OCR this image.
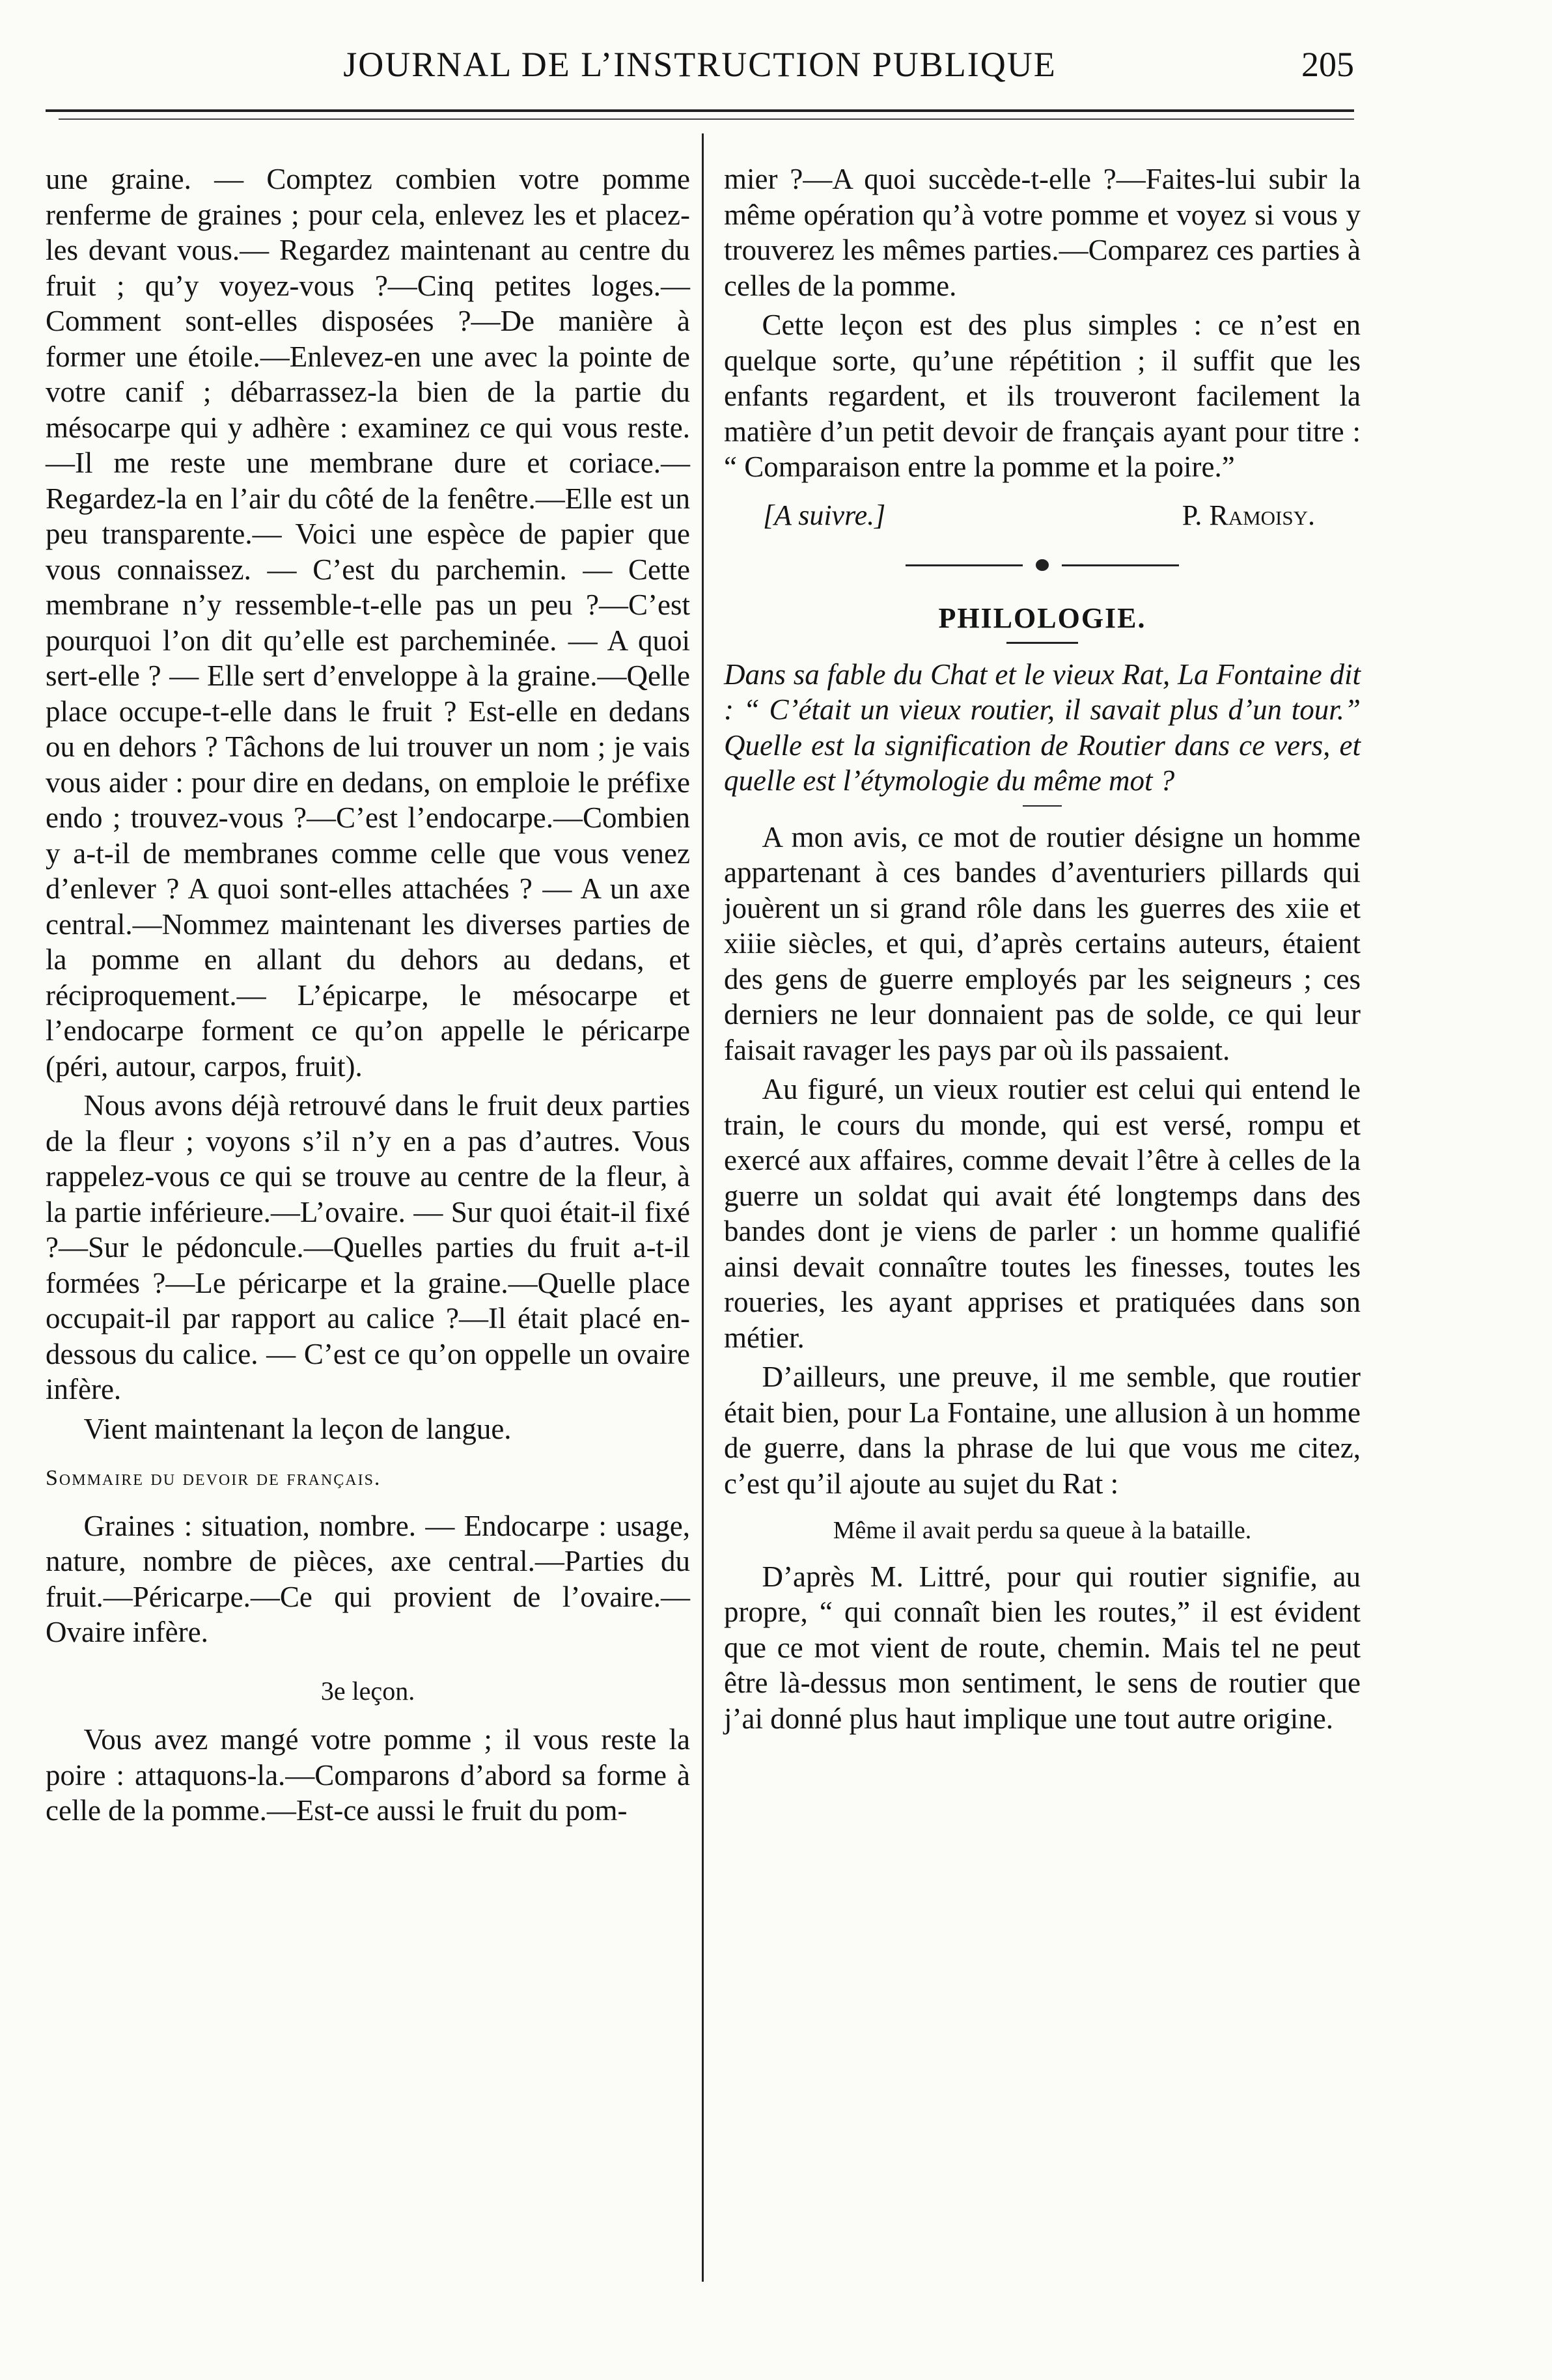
JOURNAL DE L’INSTRUCTION PUBLIQUE	205

une graine. — Comptez combien votre pomme renferme de graines ; pour cela, enlevez les et placez-les devant vous.— Regardez maintenant au centre du fruit ; qu’y voyez-vous ?—Cinq petites loges.— Comment sont-elles disposées ?—De manière à former une étoile.—Enlevez-en une avec la pointe de votre canif ; débarrassez-la bien de la partie du mésocarpe qui y adhère : examinez ce qui vous reste. —Il me reste une membrane dure et coriace.—Regardez-la en l’air du côté de la fenêtre.—Elle est un peu transparente.— Voici une espèce de papier que vous connaissez. — C’est du parchemin. — Cette membrane n’y ressemble-t-elle pas un peu ?—C’est pourquoi l’on dit qu’elle est parcheminée. — A quoi sert-elle ? — Elle sert d’enveloppe à la graine.—Qelle place occupe-t-elle dans le fruit ? Est-elle en dedans ou en dehors ? Tâchons de lui trouver un nom ; je vais vous aider : pour dire en dedans, on emploie le préfixe endo ; trouvez-vous ?—C’est l’endocarpe.—Combien y a-t-il de membranes comme celle que vous venez d’enlever ? A quoi sont-elles attachées ? — A un axe central.—Nommez maintenant les diverses parties de la pomme en allant du dehors au dedans, et réciproquement.— L’épicarpe, le mésocarpe et l’endocarpe forment ce qu’on appelle le péricarpe (péri, autour, carpos, fruit).

Nous avons déjà retrouvé dans le fruit deux parties de la fleur ; voyons s’il n’y en a pas d’autres. Vous rappelez-vous ce qui se trouve au centre de la fleur, à la partie inférieure.—L’ovaire. — Sur quoi était-il fixé ?—Sur le pédoncule.—Quelles parties du fruit a-t-il formées ?—Le péricarpe et la graine.—Quelle place occupait-il par rapport au calice ?—Il était placé en-dessous du calice. — C’est ce qu’on oppelle un ovaire infère.

Vient maintenant la leçon de langue.

Sommaire du devoir de français.

Graines : situation, nombre. — Endocarpe : usage, nature, nombre de pièces, axe central.—Parties du fruit.—Péricarpe.—Ce qui provient de l’ovaire.—Ovaire infère.

3e leçon.

Vous avez mangé votre pomme ; il vous reste la poire : attaquons-la.—Comparons d’abord sa forme à celle de la pomme.—Est-ce aussi le fruit du pom-

mier ?—A quoi succède-t-elle ?—Faites-lui subir la même opération qu’à votre pomme et voyez si vous y trouverez les mêmes parties.—Comparez ces parties à celles de la pomme.

Cette leçon est des plus simples : ce n’est en quelque sorte, qu’une répétition ; il suffit que les enfants regardent, et ils trouveront facilement la matière d’un petit devoir de français ayant pour titre : “ Comparaison entre la pomme et la poire.”

[A suivre.]	P. Ramoisy.

PHILOLOGIE.

Dans sa fable du Chat et le vieux Rat, La Fontaine dit : “ C’était un vieux routier, il savait plus d’un tour.” Quelle est la signification de Routier dans ce vers, et quelle est l’étymologie du même mot ?

A mon avis, ce mot de routier désigne un homme appartenant à ces bandes d’aventuriers pillards qui jouèrent un si grand rôle dans les guerres des xiie et xiiie siècles, et qui, d’après certains auteurs, étaient des gens de guerre employés par les seigneurs ; ces derniers ne leur donnaient pas de solde, ce qui leur faisait ravager les pays par où ils passaient.

Au figuré, un vieux routier est celui qui entend le train, le cours du monde, qui est versé, rompu et exercé aux affaires, comme devait l’être à celles de la guerre un soldat qui avait été longtemps dans des bandes dont je viens de parler : un homme qualifié ainsi devait connaître toutes les finesses, toutes les roueries, les ayant apprises et pratiquées dans son métier.

D’ailleurs, une preuve, il me semble, que routier était bien, pour La Fontaine, une allusion à un homme de guerre, dans la phrase de lui que vous me citez, c’est qu’il ajoute au sujet du Rat :

Même il avait perdu sa queue à la bataille.

D’après M. Littré, pour qui routier signifie, au propre, “ qui connaît bien les routes,” il est évident que ce mot vient de route, chemin. Mais tel ne peut être là-dessus mon sentiment, le sens de routier que j’ai donné plus haut implique une tout autre origine.
